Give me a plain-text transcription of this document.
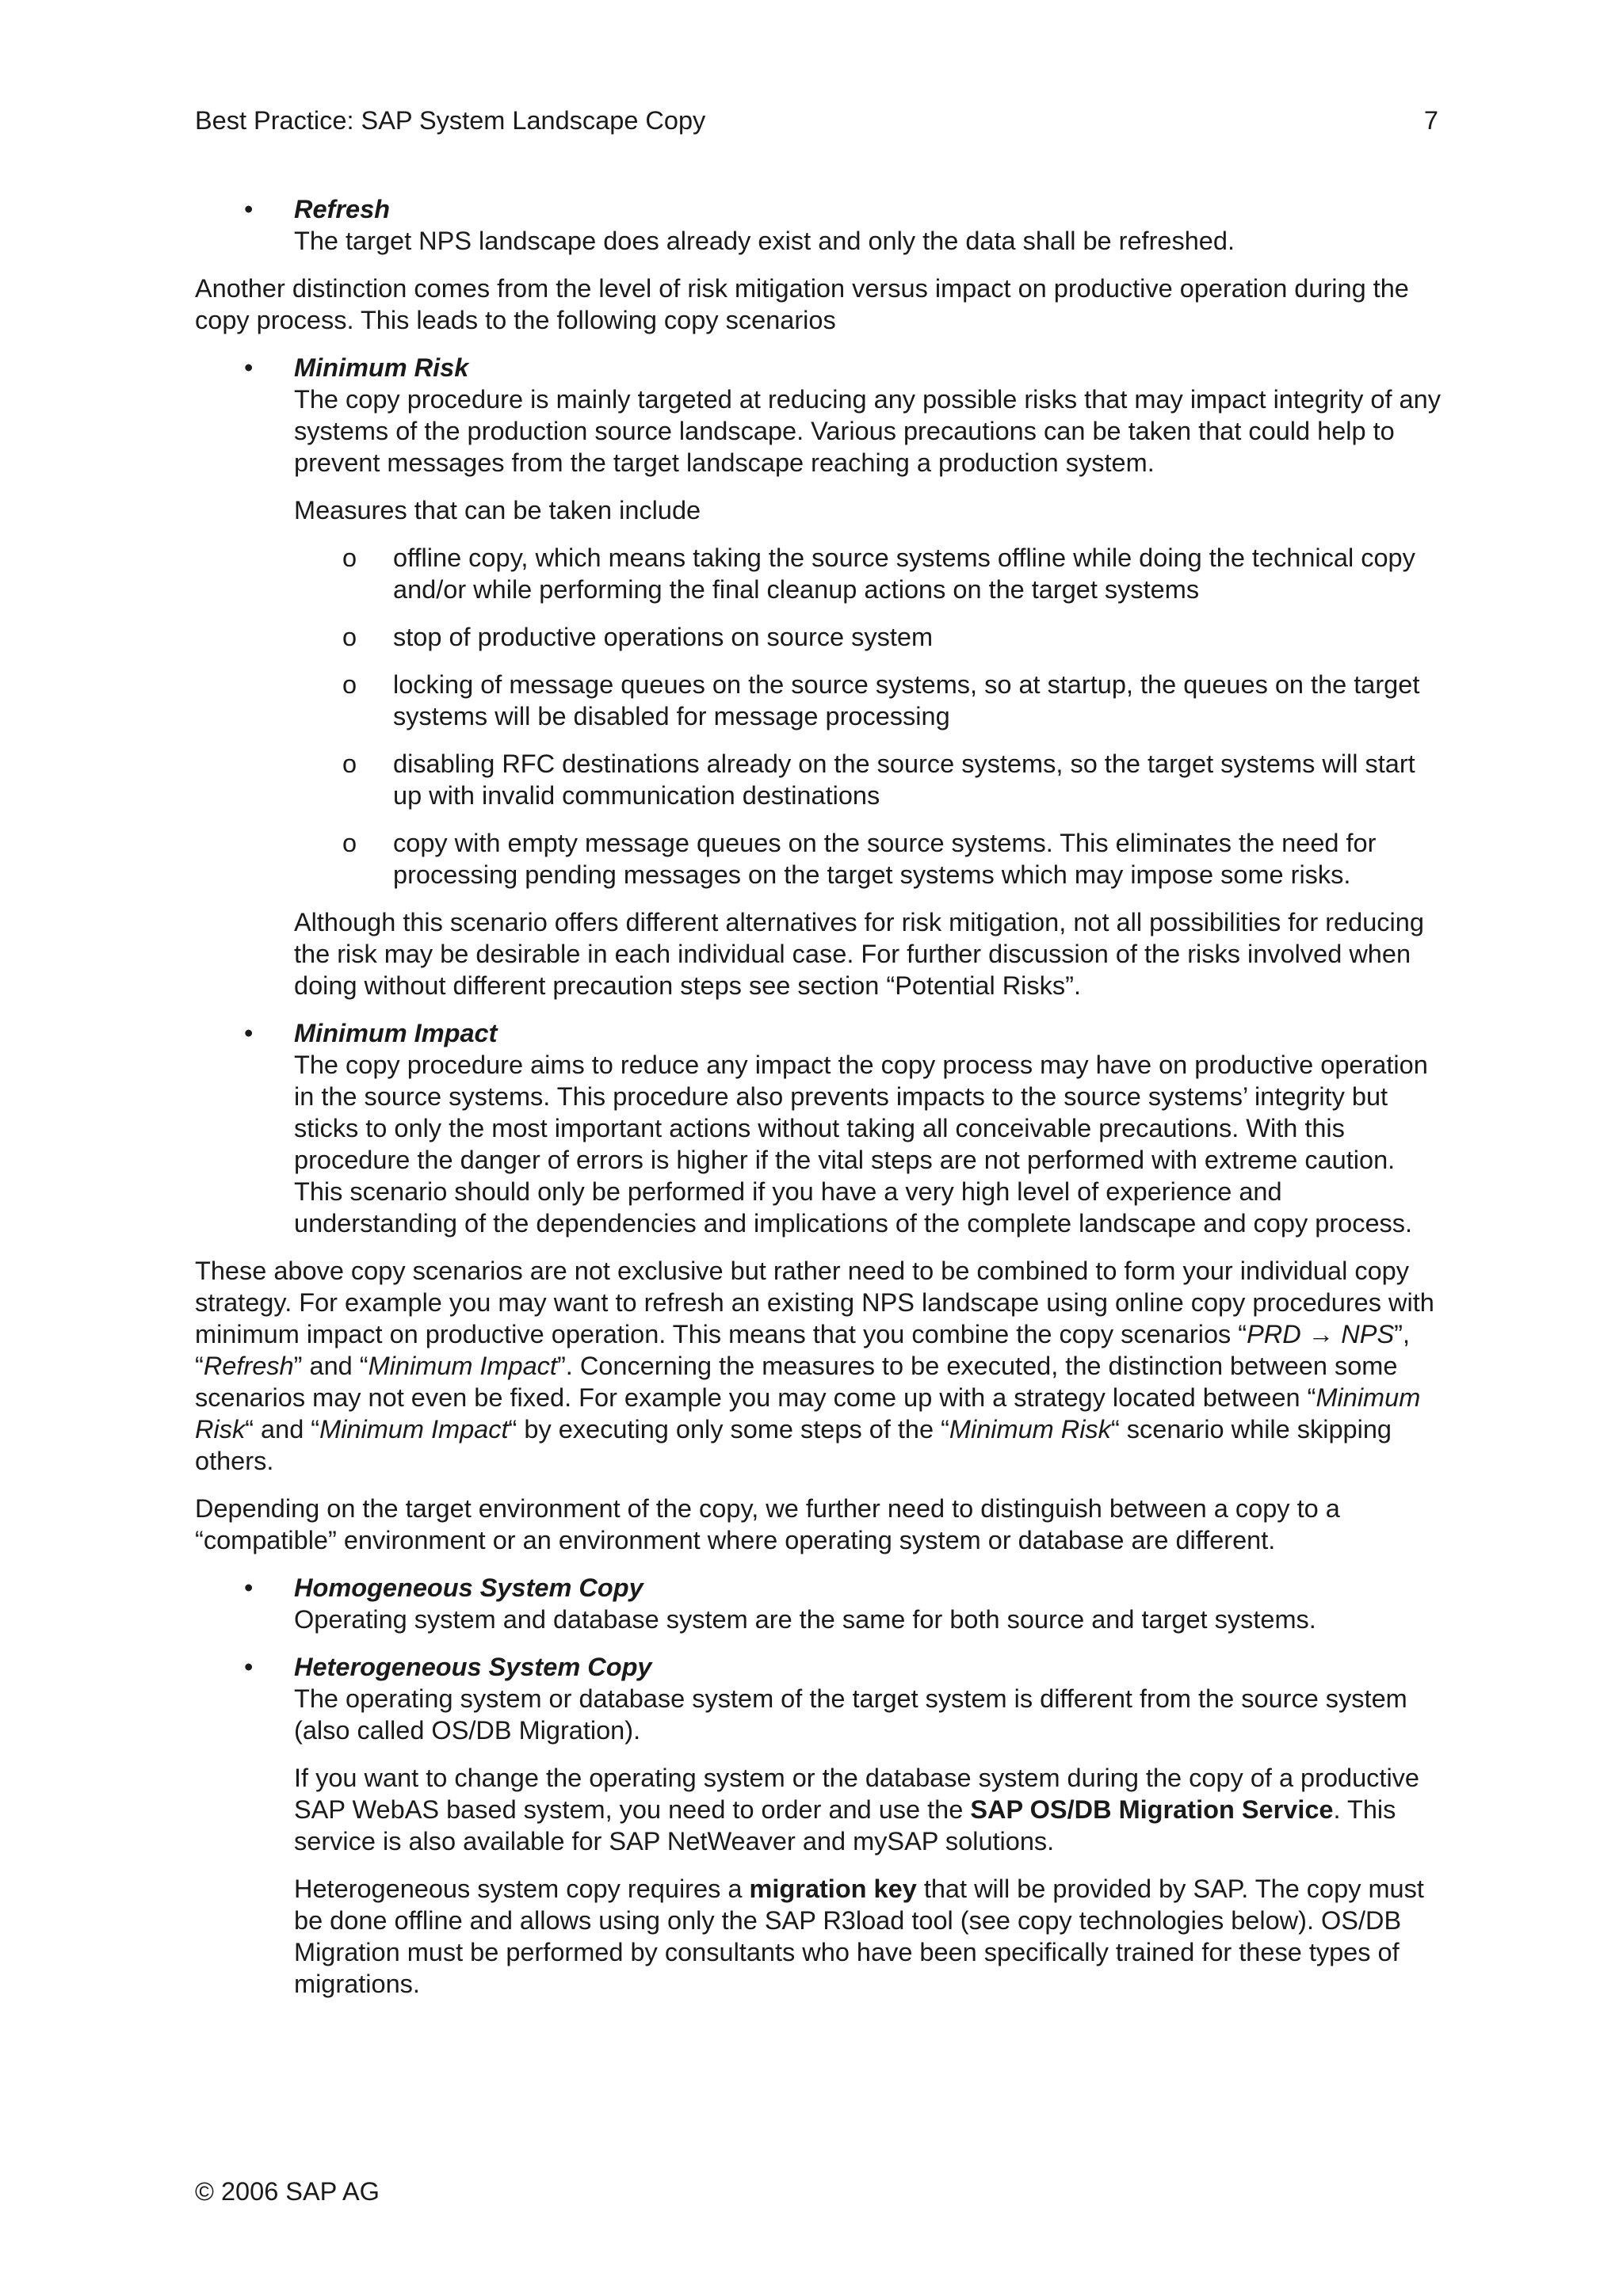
Best Practice: SAP System Landscape Copy	7
• Refresh
The target NPS landscape does already exist and only the data shall be refreshed.

Another distinction comes from the level of risk mitigation versus impact on productive operation during the copy process. This leads to the following copy scenarios

• Minimum Risk
The copy procedure is mainly targeted at reducing any possible risks that may impact integrity of any systems of the production source landscape. Various precautions can be taken that could help to prevent messages from the target landscape reaching a production system.
Measures that can be taken include
o offline copy, which means taking the source systems offline while doing the technical copy and/or while performing the final cleanup actions on the target systems
o stop of productive operations on source system
o locking of message queues on the source systems, so at startup, the queues on the target systems will be disabled for message processing
o disabling RFC destinations already on the source systems, so the target systems will start up with invalid communication destinations
o copy with empty message queues on the source systems. This eliminates the need for processing pending messages on the target systems which may impose some risks.
Although this scenario offers different alternatives for risk mitigation, not all possibilities for reducing the risk may be desirable in each individual case. For further discussion of the risks involved when doing without different precaution steps see section “Potential Risks”.
• Minimum Impact
The copy procedure aims to reduce any impact the copy process may have on productive operation in the source systems. This procedure also prevents impacts to the source systems’ integrity but sticks to only the most important actions without taking all conceivable precautions. With this procedure the danger of errors is higher if the vital steps are not performed with extreme caution. This scenario should only be performed if you have a very high level of experience and understanding of the dependencies and implications of the complete landscape and copy process.

These above copy scenarios are not exclusive but rather need to be combined to form your individual copy strategy. For example you may want to refresh an existing NPS landscape using online copy procedures with minimum impact on productive operation. This means that you combine the copy scenarios “PRD → NPS”, “Refresh” and “Minimum Impact”. Concerning the measures to be executed, the distinction between some scenarios may not even be fixed. For example you may come up with a strategy located between “Minimum Risk“ and “Minimum Impact“ by executing only some steps of the “Minimum Risk“ scenario while skipping others.

Depending on the target environment of the copy, we further need to distinguish between a copy to a “compatible” environment or an environment where operating system or database are different.

• Homogeneous System Copy
Operating system and database system are the same for both source and target systems.
• Heterogeneous System Copy
The operating system or database system of the target system is different from the source system (also called OS/DB Migration).
If you want to change the operating system or the database system during the copy of a productive SAP WebAS based system, you need to order and use the SAP OS/DB Migration Service. This service is also available for SAP NetWeaver and mySAP solutions.
Heterogeneous system copy requires a migration key that will be provided by SAP. The copy must be done offline and allows using only the SAP R3load tool (see copy technologies below). OS/DB Migration must be performed by consultants who have been specifically trained for these types of migrations.
© 2006 SAP AG
